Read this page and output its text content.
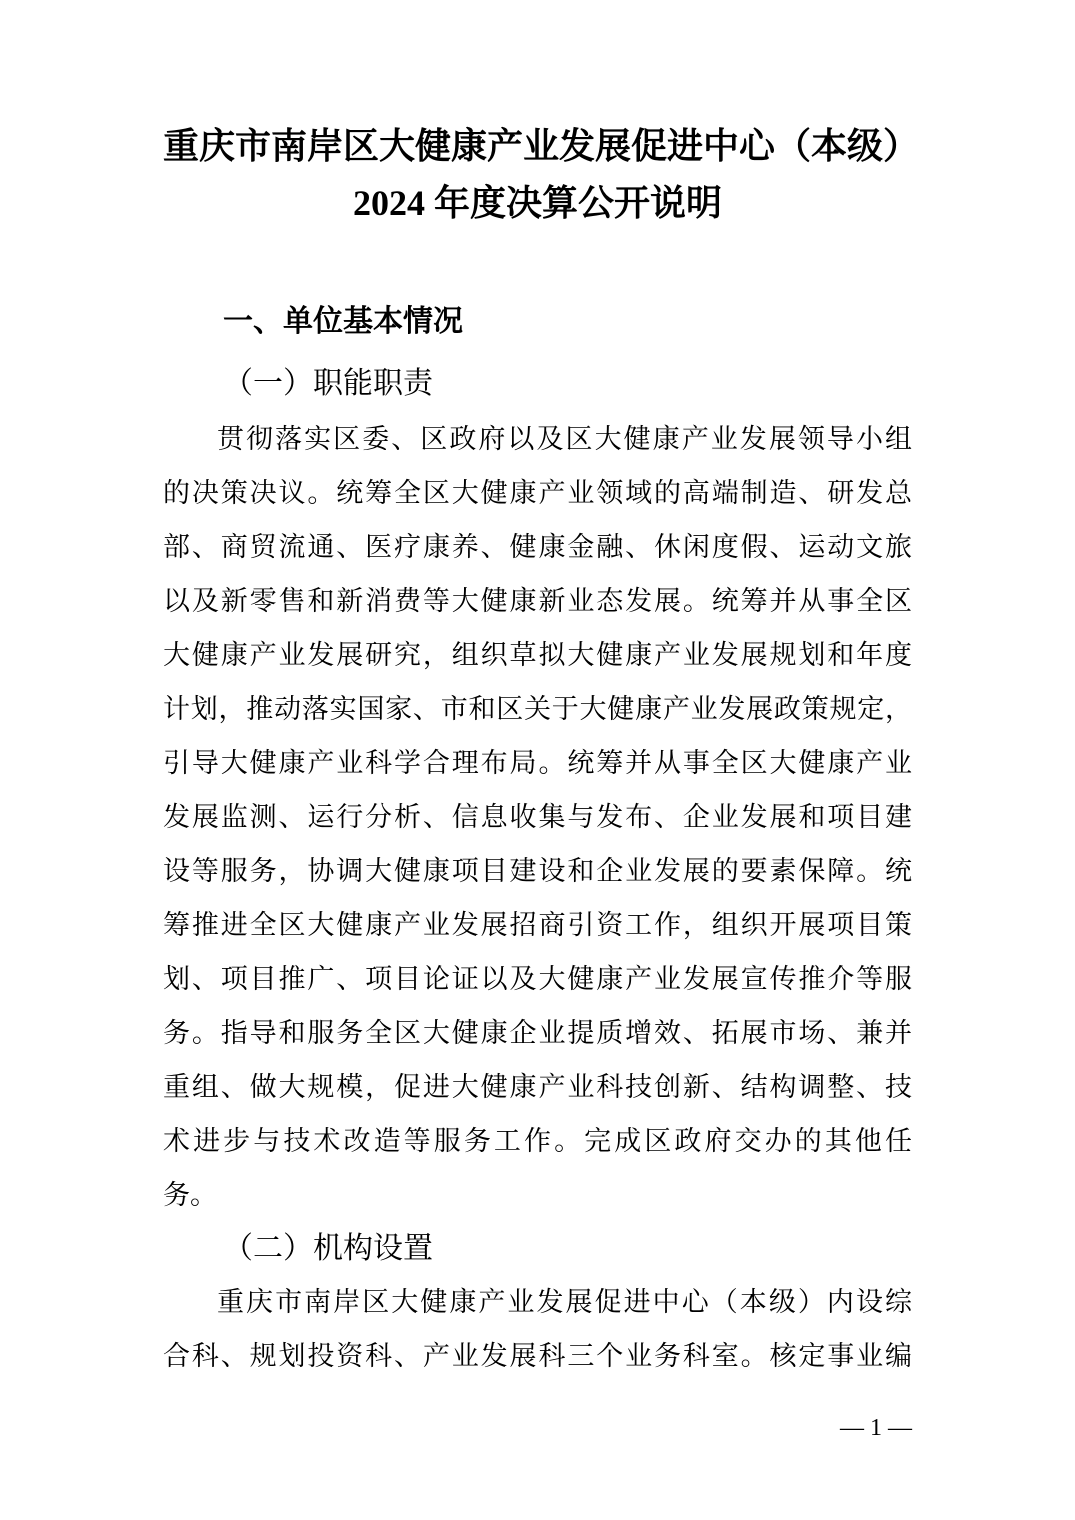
重庆市南岸区大健康产业发展促进中心（本级）
2024 年度决算公开说明
一、单位基本情况
（一）职能职责
贯彻落实区委、区政府以及区大健康产业发展领导小组
的决策决议。统筹全区大健康产业领域的高端制造、研发总
部、商贸流通、医疗康养、健康金融、休闲度假、运动文旅
以及新零售和新消费等大健康新业态发展。统筹并从事全区
大健康产业发展研究，组织草拟大健康产业发展规划和年度
计划，推动落实国家、市和区关于大健康产业发展政策规定，
引导大健康产业科学合理布局。统筹并从事全区大健康产业
发展监测、运行分析、信息收集与发布、企业发展和项目建
设等服务，协调大健康项目建设和企业发展的要素保障。统
筹推进全区大健康产业发展招商引资工作，组织开展项目策
划、项目推广、项目论证以及大健康产业发展宣传推介等服
务。指导和服务全区大健康企业提质增效、拓展市场、兼并
重组、做大规模，促进大健康产业科技创新、结构调整、技
术进步与技术改造等服务工作。完成区政府交办的其他任
务。
（二）机构设置
重庆市南岸区大健康产业发展促进中心（本级）内设综
合科、规划投资科、产业发展科三个业务科室。核定事业编
— 1 —
